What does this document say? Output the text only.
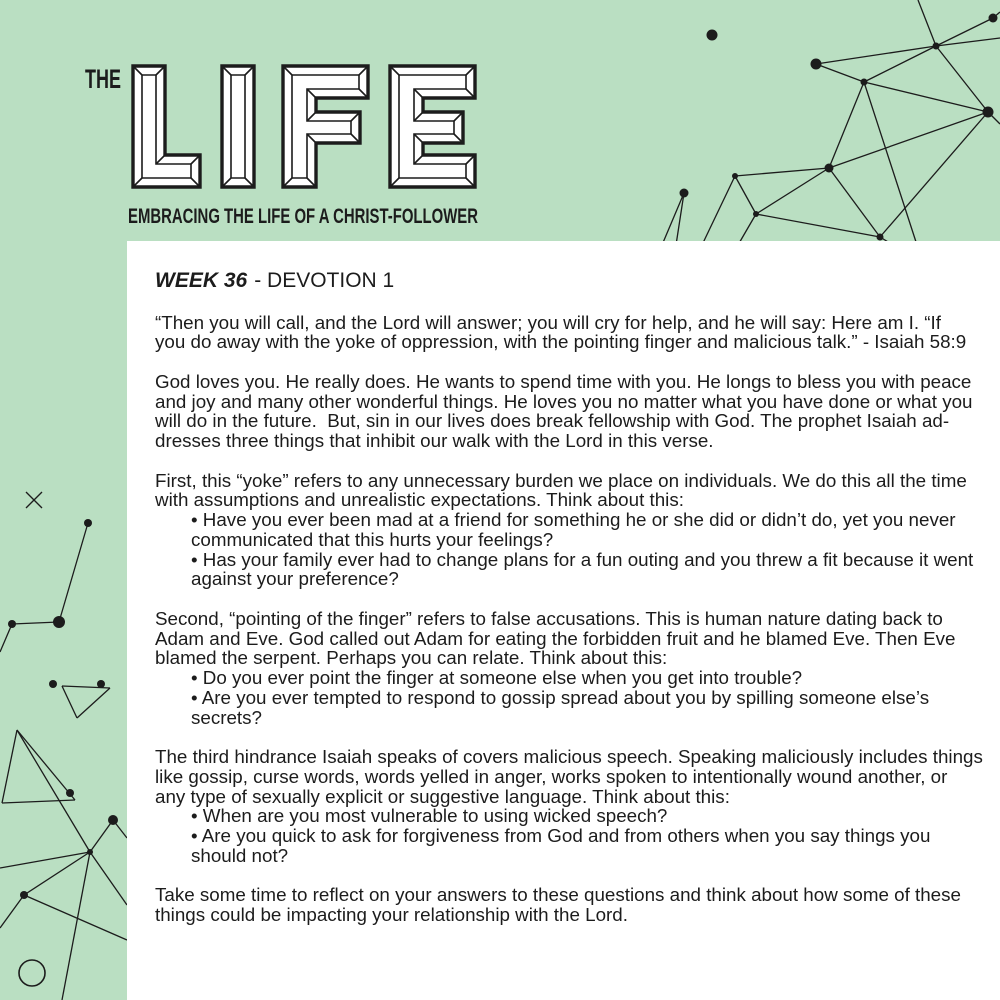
THE
EMBRACING THE LIFE OF A CHRIST-FOLLOWER
WEEK 36 - DEVOTION 1
“Then you will call, and the Lord will answer; you will cry for help, and he will say: Here am I. “If
you do away with the yoke of oppression, with the pointing finger and malicious talk.” - Isaiah 58:9
God loves you. He really does. He wants to spend time with you. He longs to bless you with peace
and joy and many other wonderful things. He loves you no matter what you have done or what you
will do in the future.  But, sin in our lives does break fellowship with God. The prophet Isaiah ad-
dresses three things that inhibit our walk with the Lord in this verse.
First, this “yoke” refers to any unnecessary burden we place on individuals. We do this all the time
with assumptions and unrealistic expectations. Think about this:
• Have you ever been mad at a friend for something he or she did or didn’t do, yet you never
communicated that this hurts your feelings?
• Has your family ever had to change plans for a fun outing and you threw a fit because it went
against your preference?
Second, “pointing of the finger” refers to false accusations. This is human nature dating back to
Adam and Eve. God called out Adam for eating the forbidden fruit and he blamed Eve. Then Eve
blamed the serpent. Perhaps you can relate. Think about this:
• Do you ever point the finger at someone else when you get into trouble?
• Are you ever tempted to respond to gossip spread about you by spilling someone else’s
secrets?
The third hindrance Isaiah speaks of covers malicious speech. Speaking maliciously includes things
like gossip, curse words, words yelled in anger, works spoken to intentionally wound another, or
any type of sexually explicit or suggestive language. Think about this:
• When are you most vulnerable to using wicked speech?
• Are you quick to ask for forgiveness from God and from others when you say things you
should not?
Take some time to reflect on your answers to these questions and think about how some of these
things could be impacting your relationship with the Lord.
